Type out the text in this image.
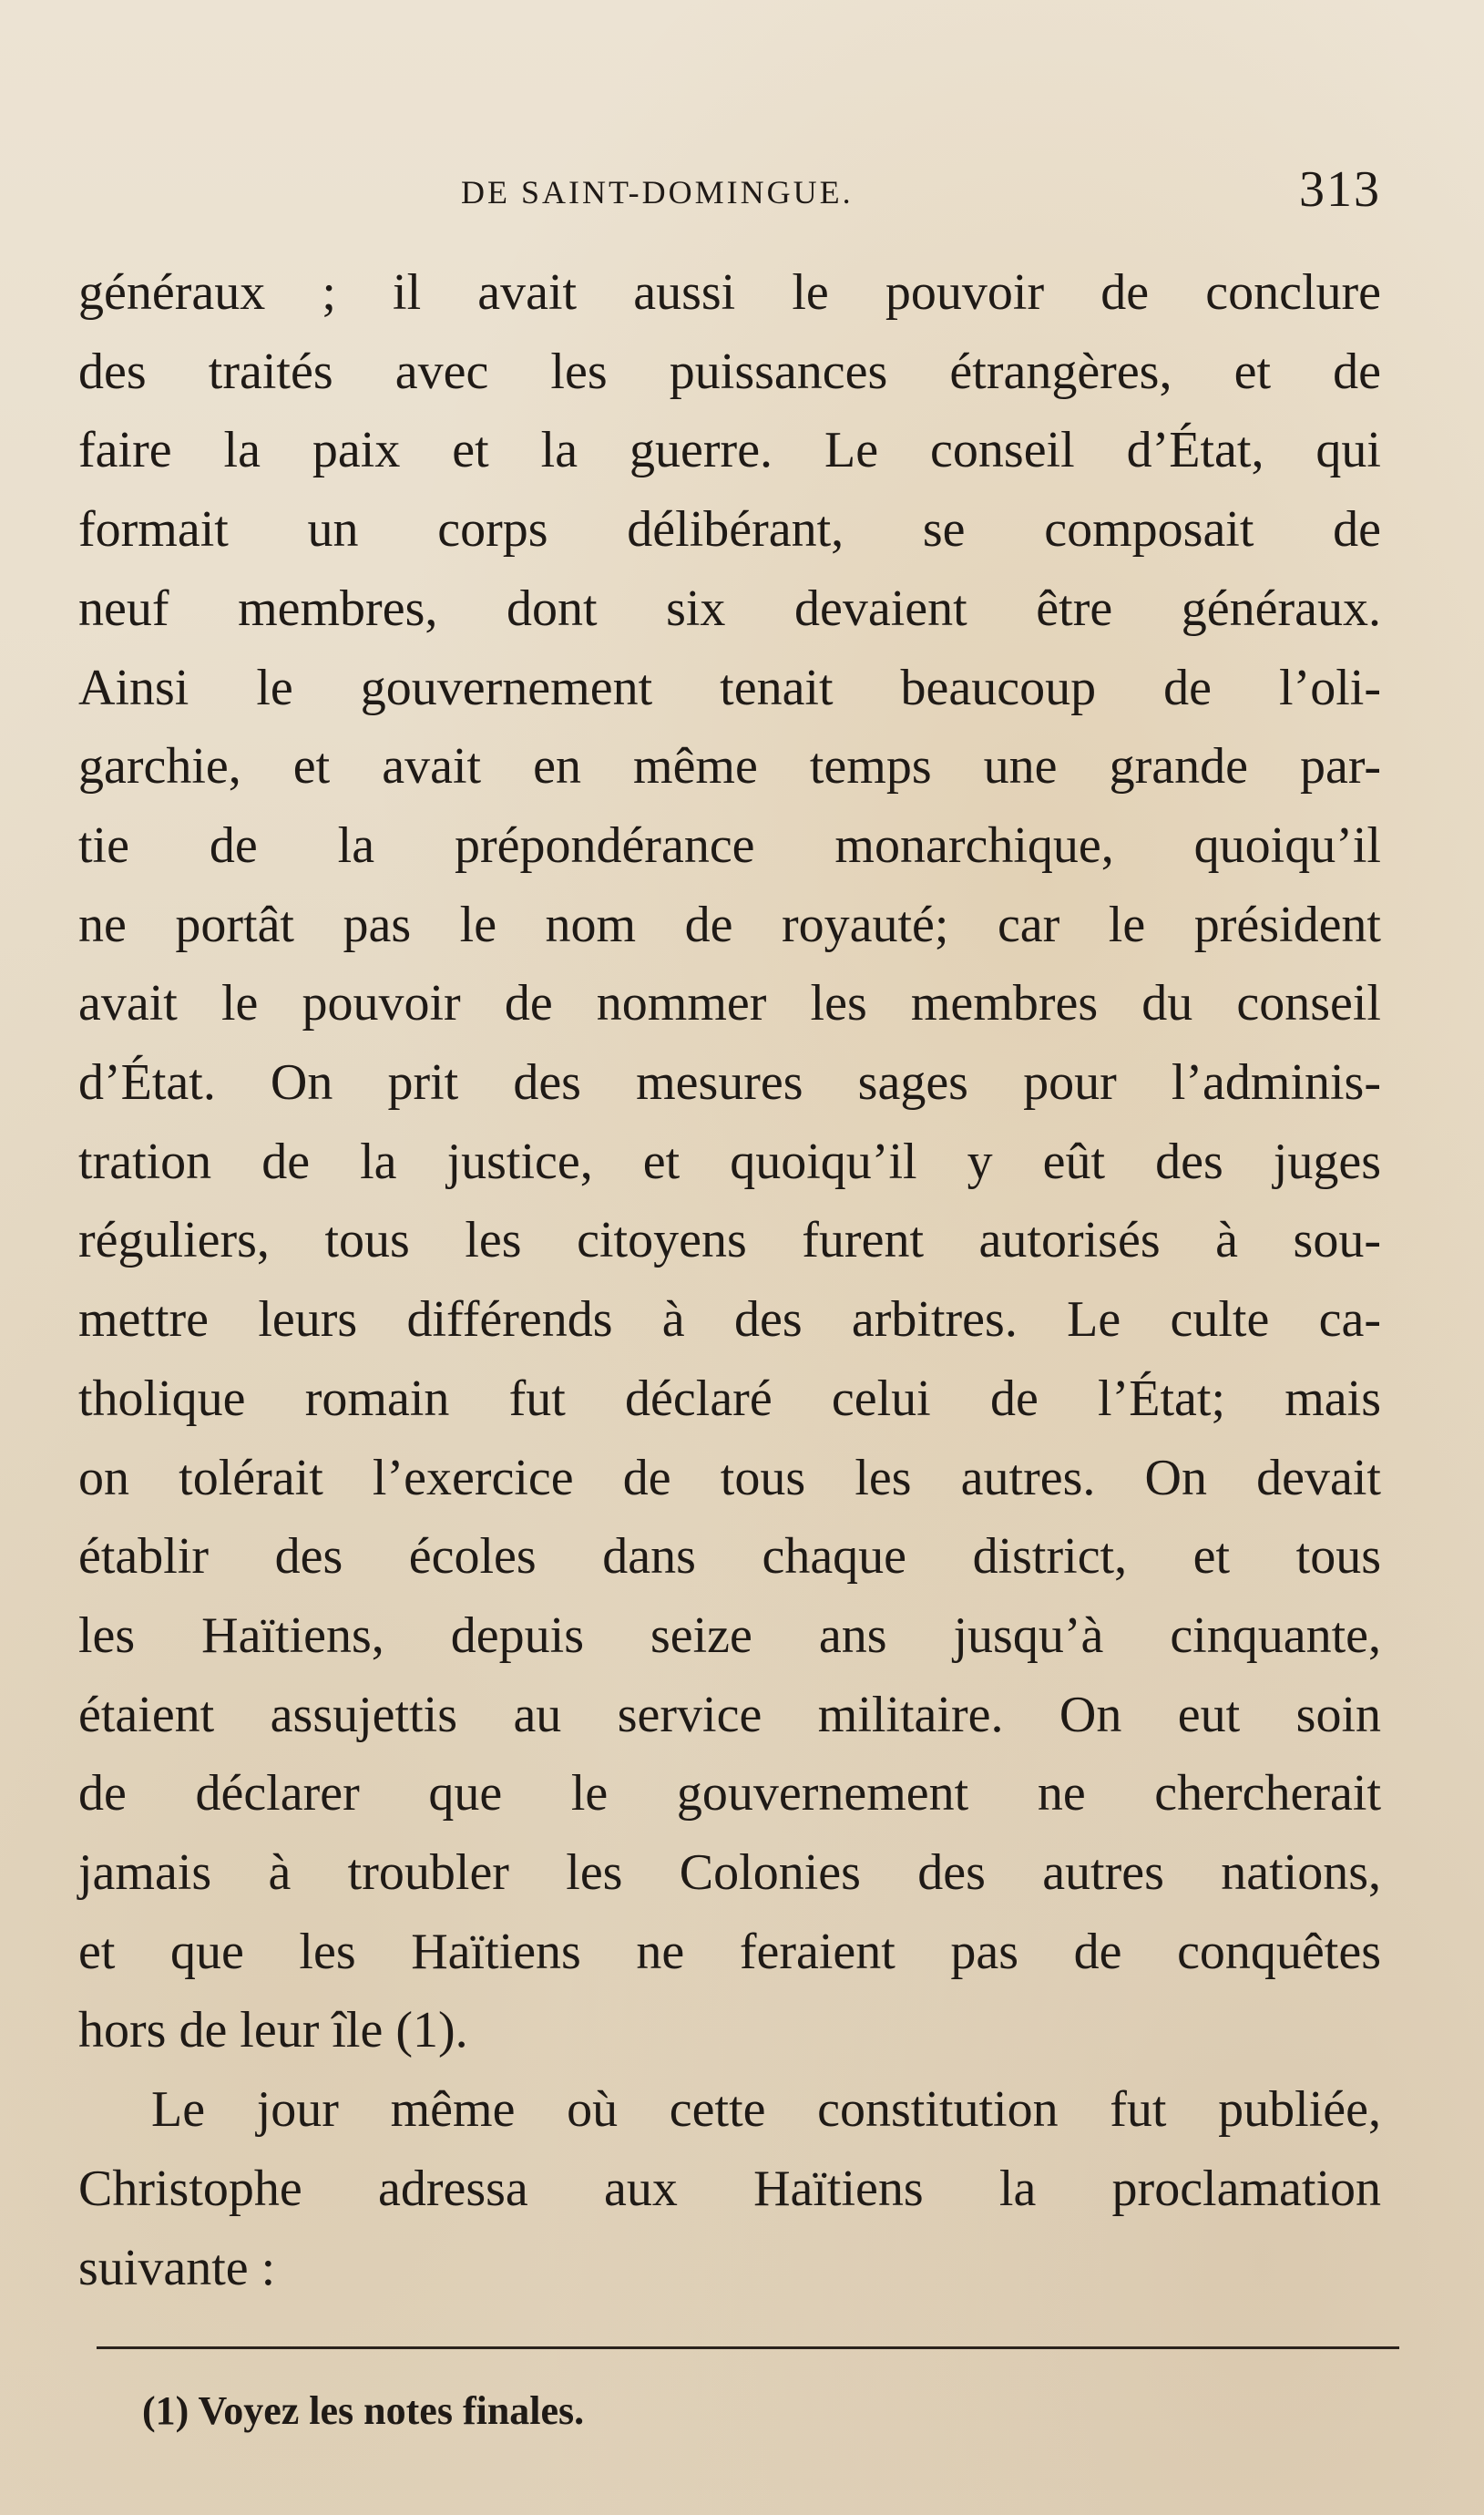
DE SAINT-DOMINGUE.	313
généraux ; il avait aussi le pouvoir de conclure
des traités avec les puissances étrangères, et de
faire la paix et la guerre. Le conseil d’État, qui
formait un corps délibérant, se composait de
neuf membres, dont six devaient être généraux.
Ainsi le gouvernement tenait beaucoup de l’oli-
garchie, et avait en même temps une grande par-
tie de la prépondérance monarchique, quoiqu’il
ne portât pas le nom de royauté; car le président
avait le pouvoir de nommer les membres du conseil
d’État. On prit des mesures sages pour l’adminis-
tration de la justice, et quoiqu’il y eût des juges
réguliers, tous les citoyens furent autorisés à sou-
mettre leurs différends à des arbitres. Le culte ca-
tholique romain fut déclaré celui de l’État; mais
on tolérait l’exercice de tous les autres. On devait
établir des écoles dans chaque district, et tous
les Haïtiens, depuis seize ans jusqu’à cinquante,
étaient assujettis au service militaire. On eut soin
de déclarer que le gouvernement ne chercherait
jamais à troubler les Colonies des autres nations,
et que les Haïtiens ne feraient pas de conquêtes
hors de leur île (1).
Le jour même où cette constitution fut publiée,
Christophe adressa aux Haïtiens la proclamation
suivante :
(1) Voyez les notes finales.
